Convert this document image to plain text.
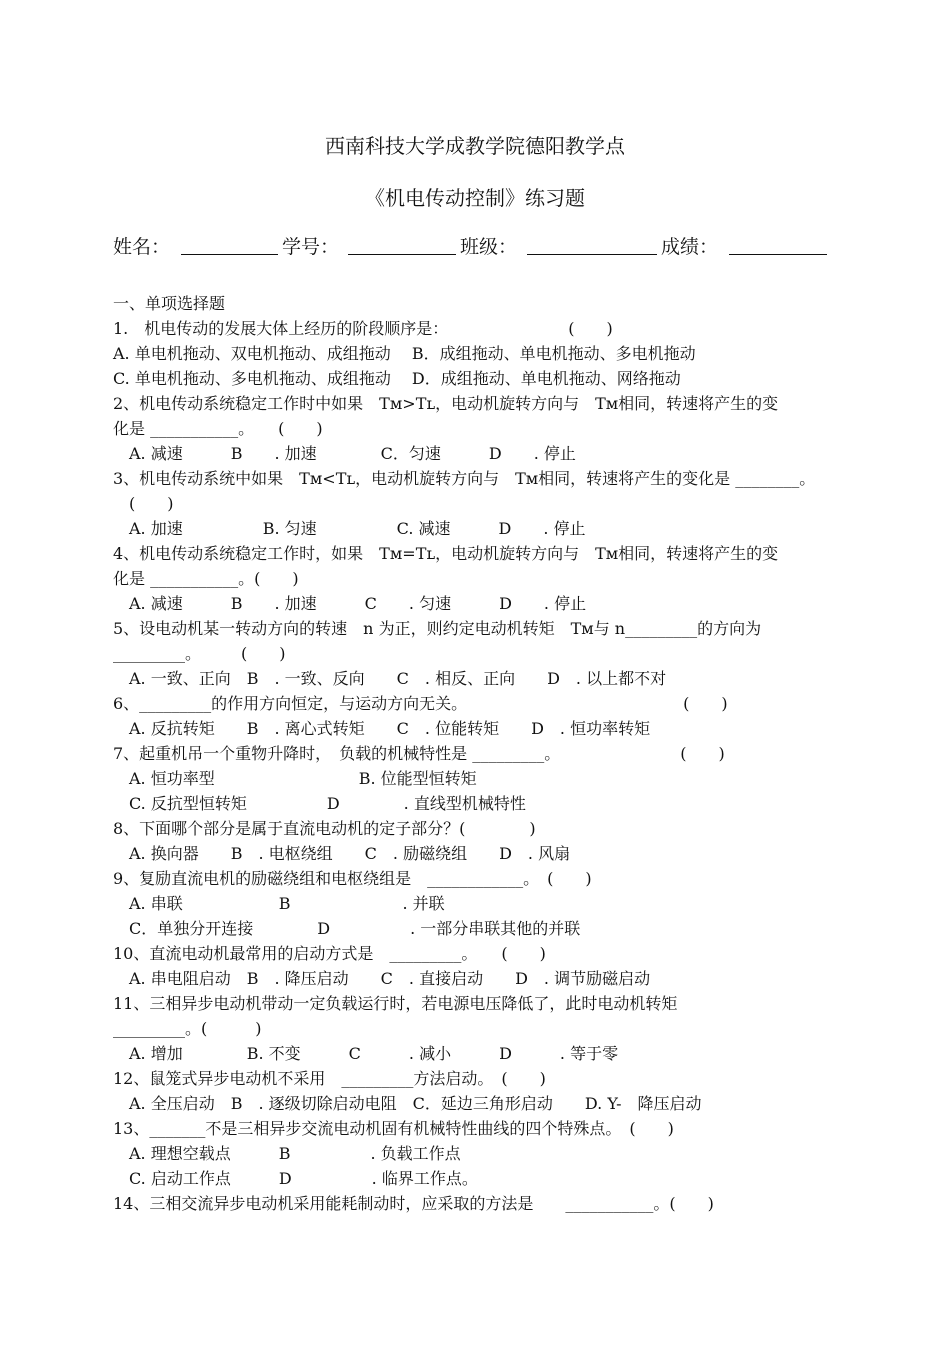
西南科技大学成教学院德阳教学点
《机电传动控制》练习题
姓名：	学号：	班级：	成绩：
一、单项选择题
1.　机电传动的发展大体上经历的阶段顺序是：　　　　　　　　(　　)
A. 单电机拖动、双电机拖动、成组拖动　 B．成组拖动、单电机拖动、多电机拖动
C. 单电机拖动、多电机拖动、成组拖动　 D．成组拖动、单电机拖动、网络拖动
2、机电传动系统稳定工作时中如果　Tм>Tʟ，电动机旋转方向与　Tм相同，转速将产生的变
化是 ___________。　　(　　)
　A. 减速　　　B　　. 加速　　　　C．匀速　　　D　　. 停止
3、机电传动系统中如果　Tм<Tʟ，电动机旋转方向与　Tм相同，转速将产生的变化是 ________。
　(　　)
　A. 加速　　　　　B. 匀速　　　　　C. 减速　　　D　　. 停止
4、机电传动系统稳定工作时，如果　Tм=Tʟ，电动机旋转方向与　Tм相同，转速将产生的变
化是 ___________。(　　)
　A. 减速　　　B　　. 加速　　　C　　. 匀速　　　D　　. 停止
5、设电动机某一转动方向的转速　n 为正，则约定电动机转矩　Tм与 n_________的方向为
_________。　　　(　　)
　A. 一致、正向　B　. 一致、反向　　C　. 相反、正向　　D　. 以上都不对
6、_________的作用方向恒定，与运动方向无关。　　　　　　　　　　　　　　(　　)
　A. 反抗转矩　　B　. 离心式转矩　　C　. 位能转矩　　D　. 恒功率转矩
7、起重机吊一个重物升降时，　负载的机械特性是 _________。　　　　　　　　(　　)
　A. 恒功率型　　　　　　　　　B. 位能型恒转矩
　C. 反抗型恒转矩　　　　　D　　　　. 直线型机械特性
8、下面哪个部分是属于直流电动机的定子部分？(　　　　)
　A. 换向器　　B　. 电枢绕组　　C　. 励磁绕组　　D　. 风扇
9、复励直流电机的励磁绕组和电枢绕组是　____________。　(　　)
　A. 串联　　　　　　B　　　　　　　. 并联
　C．单独分开连接　　　　D　　　　　. 一部分串联其他的并联
10、直流电动机最常用的启动方式是　_________。　　(　　)
　A. 串电阻启动　B　. 降压启动　　C　. 直接启动　　D　. 调节励磁启动
11、三相异步电动机带动一定负载运行时，若电源电压降低了，此时电动机转矩
_________。(　　　)
　A. 增加　　　　B. 不变　　　C　　　. 减小　　　D　　　. 等于零
12、鼠笼式异步电动机不采用　_________方法启动。　(　　)
　A. 全压启动　B　. 逐级切除启动电阻　C．延边三角形启动　　D. Y-　降压启动
13、_______不是三相异步交流电动机固有机械特性曲线的四个特殊点。　(　　)
　A. 理想空载点　　　B　　　　　. 负载工作点
　C. 启动工作点　　　D　　　　　. 临界工作点。
14、三相交流异步电动机采用能耗制动时，应采取的方法是　　___________。(　　)
